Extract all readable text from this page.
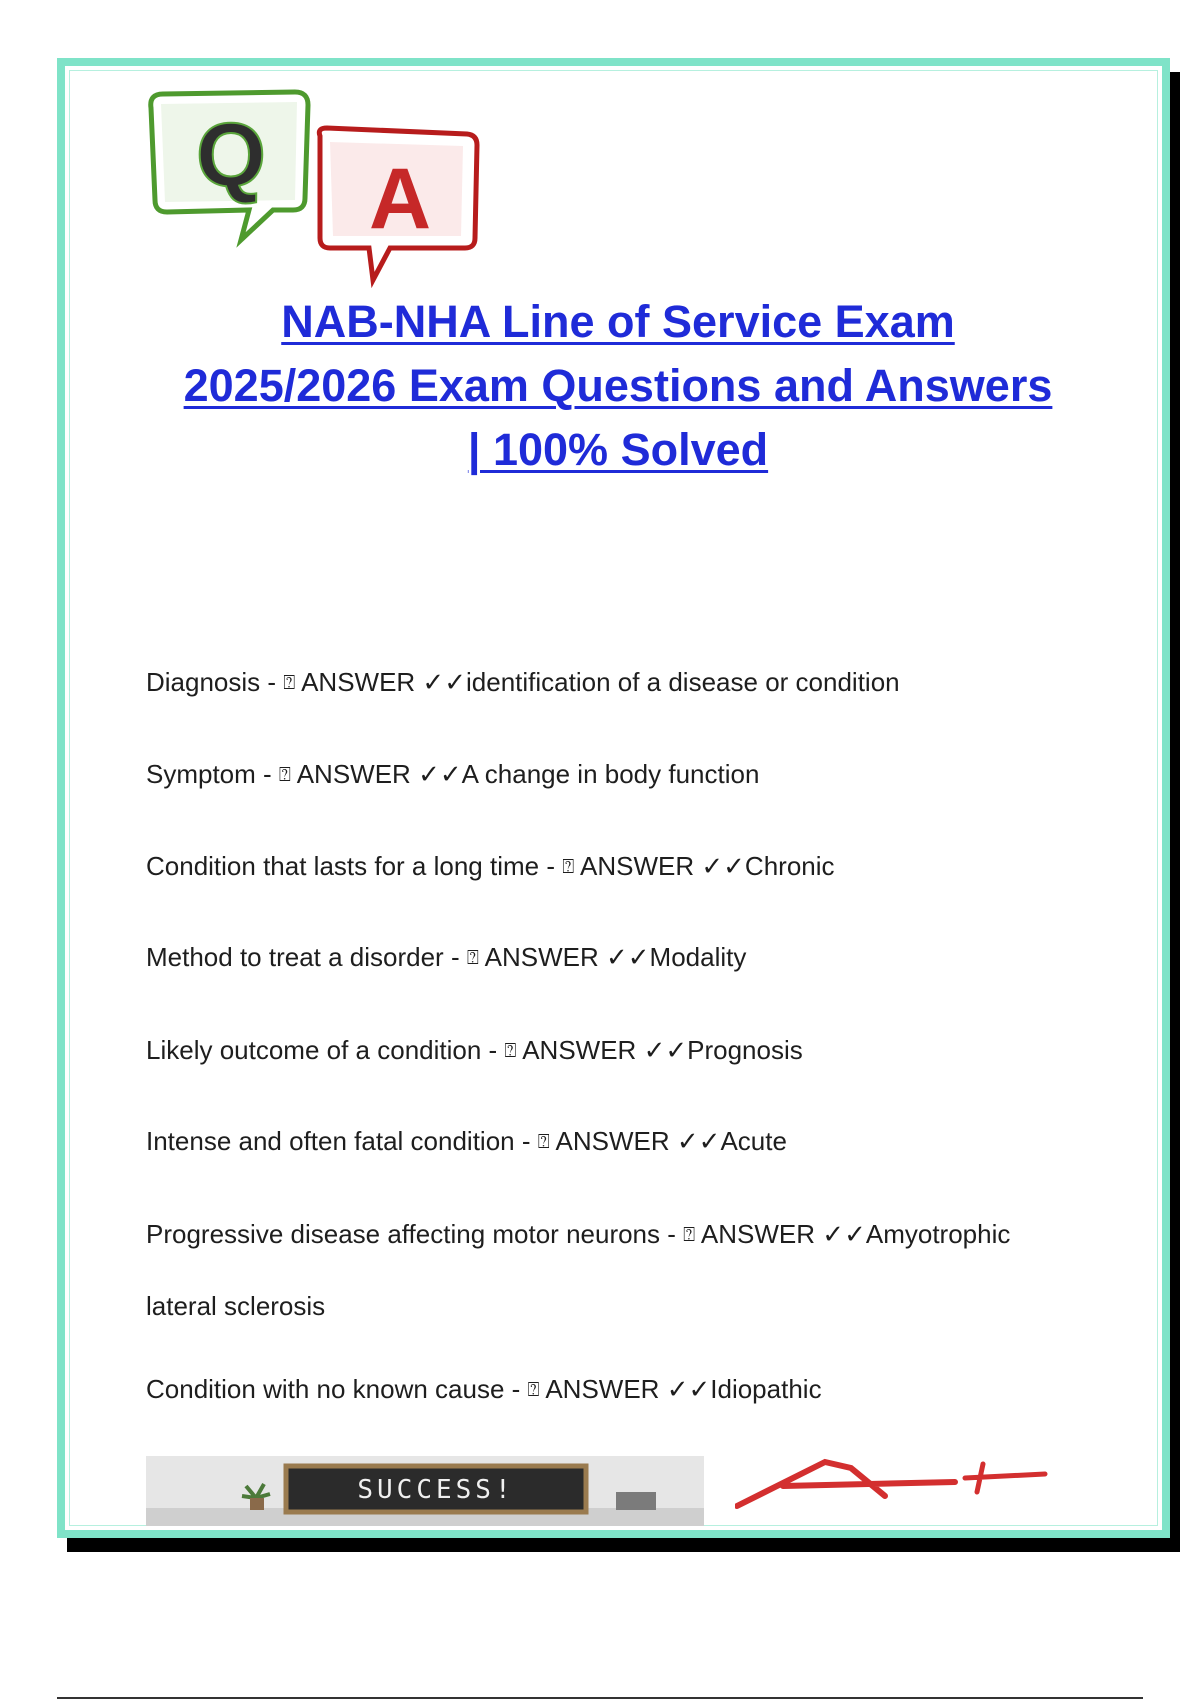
A
Q
NAB-NHA Line of Service Exam
2025/2026 Exam Questions and Answers
| 100% Solved

Diagnosis - ⍰ ANSWER ✓✓identification of a disease or condition

Symptom - ⍰ ANSWER ✓✓A change in body function

Condition that lasts for a long time - ⍰ ANSWER ✓✓Chronic

Method to treat a disorder - ⍰ ANSWER ✓✓Modality

Likely outcome of a condition - ⍰ ANSWER ✓✓Prognosis

Intense and often fatal condition - ⍰ ANSWER ✓✓Acute

Progressive disease affecting motor neurons - ⍰ ANSWER ✓✓Amyotrophic
lateral sclerosis

Condition with no known cause - ⍰ ANSWER ✓✓Idiopathic

SUCCESS!
